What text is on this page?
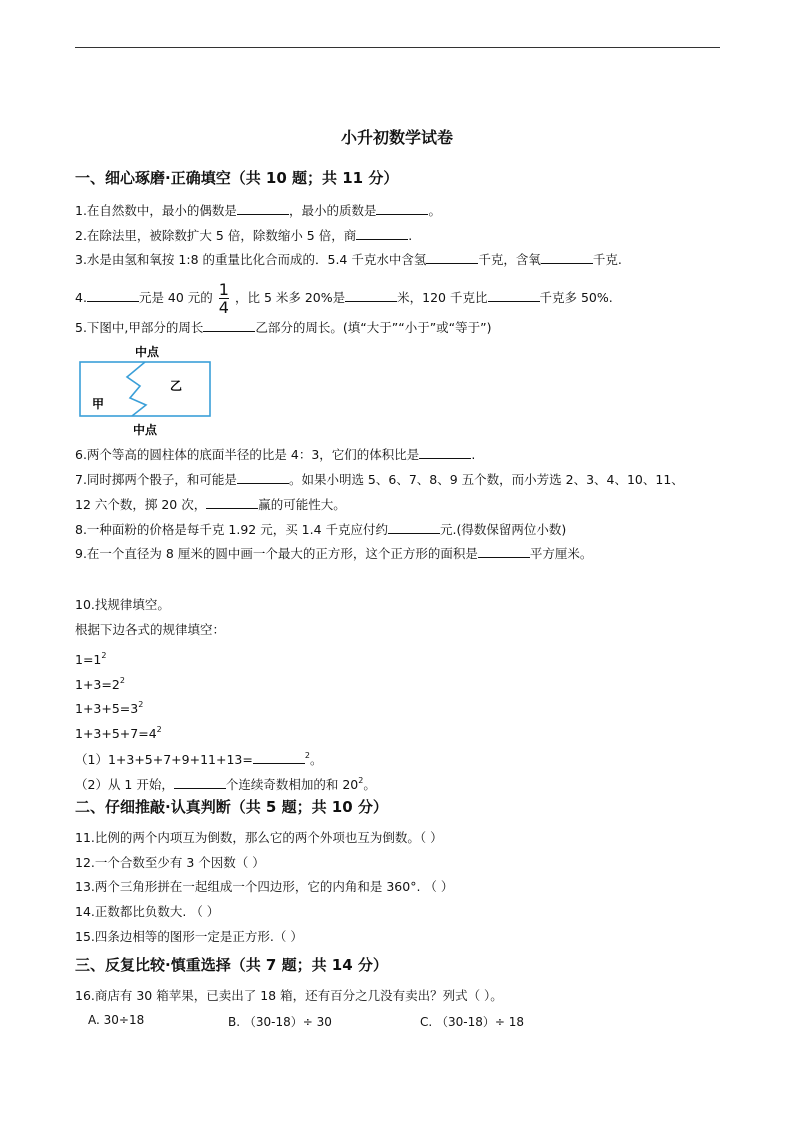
小升初数学试卷
一、细心琢磨·正确填空（共 10 题；共 11 分）
1.在自然数中，最小的偶数是	，最小的质数是	。
2.在除法里，被除数扩大 5 倍，除数缩小 5 倍，商	.
3.水是由氢和氧按 1:8 的重量比化合而成的．5.4 千克水中含氢	千克，含氧	千克.
4.	元是 40 元的 $\frac{1}{4}$ ，比 5 米多 20%是	米，120 千克比	千克多 50%.
5.下图中,甲部分的周长	乙部分的周长。(填“大于”“小于”或“等于”)
中点
中点
甲
乙
6.两个等高的圆柱体的底面半径的比是 4：3，它们的体积比是	.
7.同时掷两个骰子，和可能是	。如果小明选 5、6、7、8、9 五个数，而小芳选 2、3、4、10、11、
12 六个数，掷 20 次，	赢的可能性大。
8.一种面粉的价格是每千克 1.92 元，买 1.4 千克应付约	元.(得数保留两位小数)
9.在一个直径为 8 厘米的圆中画一个最大的正方形，这个正方形的面积是	平方厘米。
10.找规律填空。
根据下边各式的规律填空：
$1=1^2$
$1+3=2^2$
$1+3+5=3^2$
$1+3+5+7=4^2$
（1）1+3+5+7+9+11+13=	$^2$。
（2）从 1 开始，	个连续奇数相加的和 $20^2$。
二、仔细推敲·认真判断（共 5 题；共 10 分）
11.比例的两个内项互为倒数，那么它的两个外项也互为倒数。（ ）
12.一个合数至少有 3 个因数（ ）
13.两个三角形拼在一起组成一个四边形，它的内角和是 360°. （ ）
14.正数都比负数大. （ ）
15.四条边相等的图形一定是正方形.（ ）
三、反复比较·慎重选择（共 7 题；共 14 分）
16.商店有 30 箱苹果，已卖出了 18 箱，还有百分之几没有卖出？列式（ ）。
A. 30÷18	B. （30-18）÷ 30	C. （30-18）÷ 18
